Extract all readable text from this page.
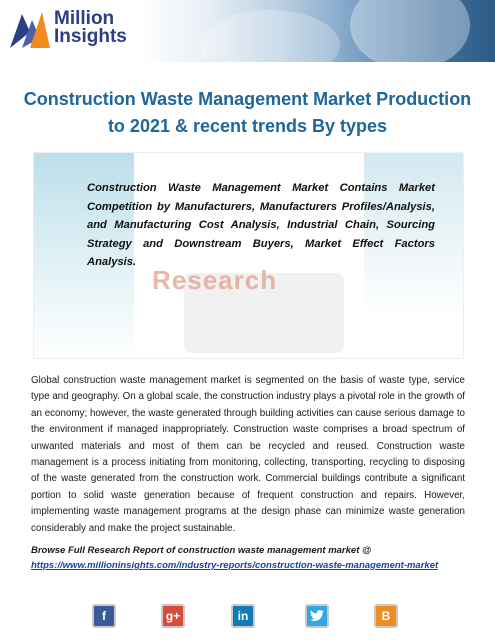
Million
Insights
Construction Waste Management Market Production to 2021 & recent trends By types
Research

Construction Waste Management Market Contains Market Competition by Manufacturers, Manufacturers Profiles/Analysis, and Manufacturing Cost Analysis, Industrial Chain, Sourcing Strategy and Downstream Buyers, Market Effect Factors Analysis.

Global construction waste management market is segmented on the basis of waste type, service type and geography. On a global scale, the construction industry plays a pivotal role in the growth of an economy; however, the waste generated through building activities can cause serious damage to the environment if managed inappropriately. Construction waste comprises a broad spectrum of unwanted materials and most of them can be recycled and reused. Construction waste management is a process initiating from monitoring, collecting, transporting, recycling to disposing of the waste generated from the construction work. Commercial buildings contribute a significant portion to solid waste generation because of frequent construction and repairs. However, implementing waste management programs at the design phase can minimize waste generation considerably and make the project sustainable.

Browse Full Research Report of construction waste management market @
https://www.millioninsights.com/industry-reports/construction-waste-management-market
f	g+	in	B
